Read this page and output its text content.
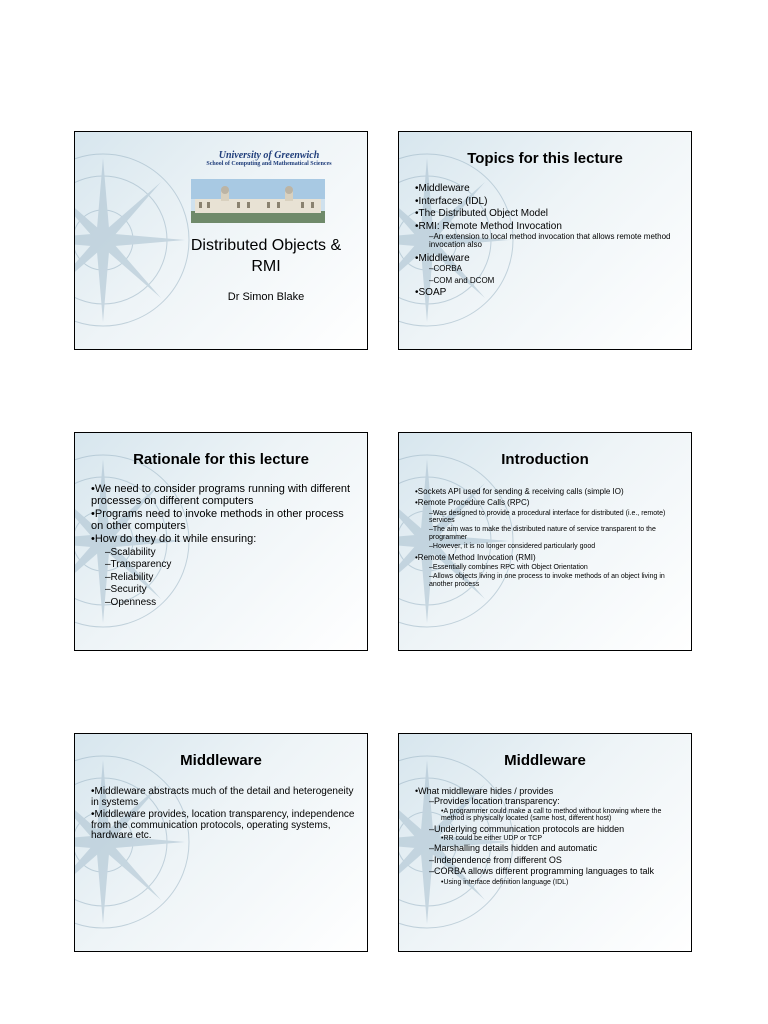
University of Greenwich
School of Computing and Mathematical Sciences
Distributed Objects &
RMI
Dr Simon Blake
Topics for this lecture
•Middleware
•Interfaces (IDL)
•The Distributed Object Model
•RMI: Remote Method Invocation
–An extension to local method invocation that allows remote method invocation also
•Middleware
–CORBA
–COM and DCOM
•SOAP
Rationale for this lecture
•We need to consider programs running with different processes on different computers
•Programs need to invoke methods in other process on other computers
•How do they do it while ensuring:
–Scalability
–Transparency
–Reliability
–Security
–Openness
Introduction
•Sockets API used for sending & receiving calls (simple IO)
•Remote Procedure Calls (RPC)
–Was designed to provide a procedural interface for distributed (i.e., remote) services
–The aim was to make the distributed nature of service transparent to the programmer
–However, it is no longer considered particularly good
•Remote Method Invocation (RMI)
–Essentially combines RPC with Object Orientation
–Allows objects living in one process to invoke methods of an object living in another process
Middleware
•Middleware abstracts much of the detail and heterogeneity in systems
•Middleware provides, location transparency, independence from the communication protocols, operating systems, hardware etc.
Middleware
•What middleware hides / provides
–Provides location transparency:
•A programmer could make a call to method without knowing where the method is physically located (same host, different host)
–Underlying communication protocols are hidden
•RR could be either UDP or TCP
–Marshalling details hidden and automatic
–Independence from different OS
–CORBA allows different programming languages to talk
•Using interface definition language (IDL)
